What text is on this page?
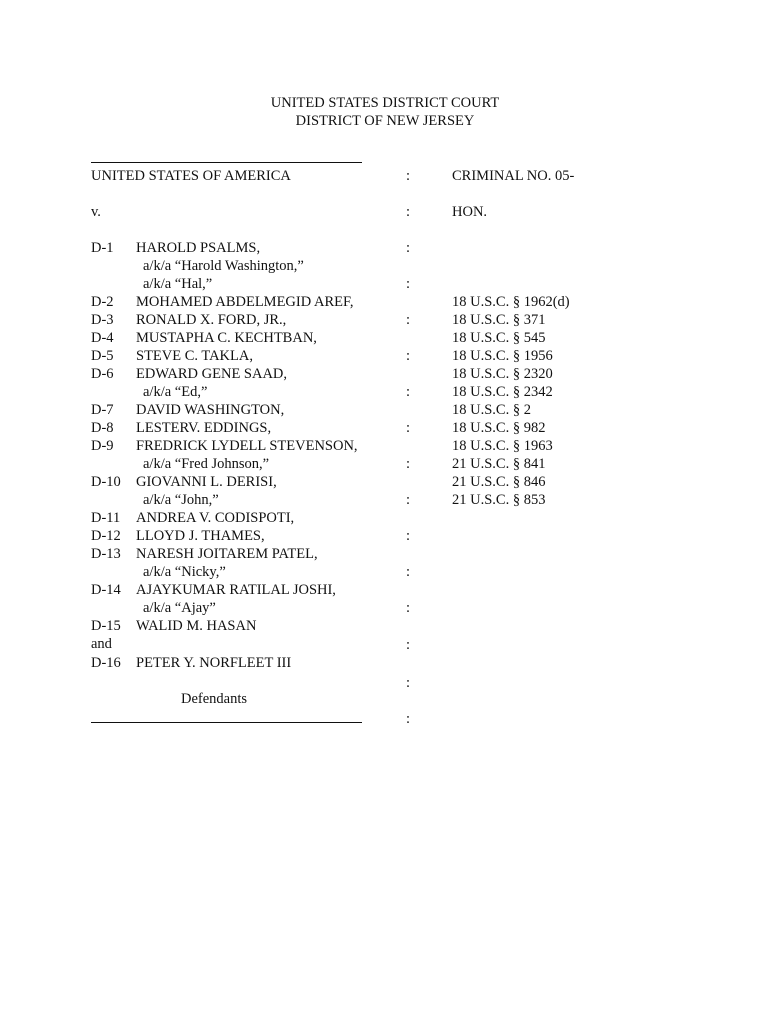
UNITED STATES DISTRICT COURT
DISTRICT OF NEW JERSEY
UNITED STATES OF AMERICA	CRIMINAL NO. 05-
v.	HON.
D-1 HAROLD PSALMS,
a/k/a “Harold Washington,”
a/k/a “Hal,”
D-2 MOHAMED ABDELMEGID AREF,
D-3 RONALD X. FORD, JR.,
D-4 MUSTAPHA C. KECHTBAN,
D-5 STEVE C. TAKLA,
D-6 EDWARD GENE SAAD,
a/k/a “Ed,”
D-7 DAVID WASHINGTON,
D-8 LESTERV. EDDINGS,
D-9 FREDRICK LYDELL STEVENSON,
a/k/a “Fred Johnson,”
D-10 GIOVANNI L. DERISI,
a/k/a “John,”
D-11 ANDREA V. CODISPOTI,
D-12 LLOYD J. THAMES,
D-13 NARESH JOITAREM PATEL,
a/k/a “Nicky,”
D-14 AJAYKUMAR RATILAL JOSHI,
a/k/a “Ajay”
D-15 WALID M. HASAN
and
D-16 PETER Y. NORFLEET III
Defendants
:
:
:
:
:
:
:
:
:
:
:
:
:
:
:
:
18 U.S.C. § 1962(d)
18 U.S.C. § 371
18 U.S.C. § 545
18 U.S.C. § 1956
18 U.S.C. § 2320
18 U.S.C. § 2342
18 U.S.C. § 2
18 U.S.C. § 982
18 U.S.C. § 1963
21 U.S.C. § 841
21 U.S.C. § 846
21 U.S.C. § 853
